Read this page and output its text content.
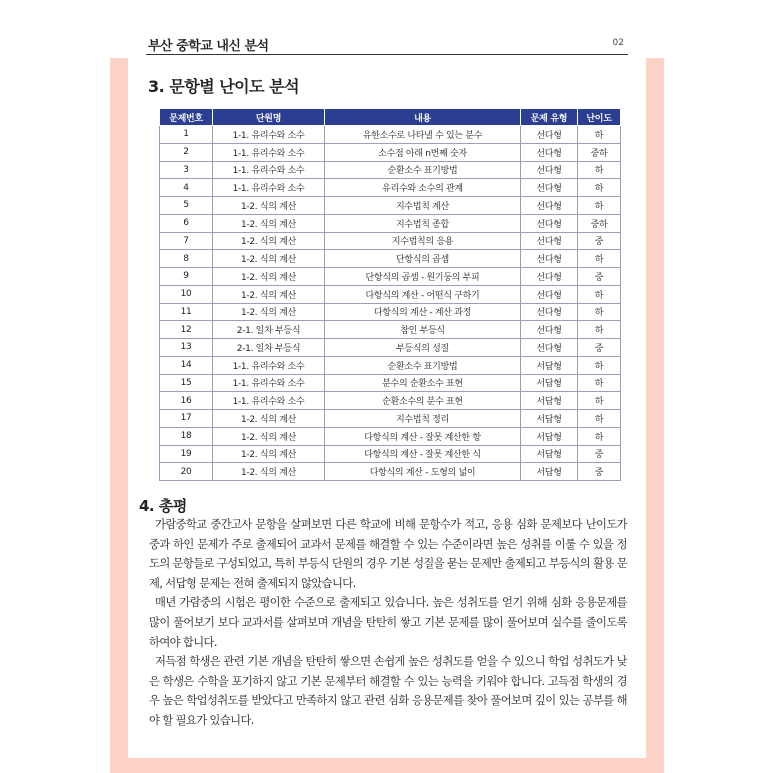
부산 중학교 내신 분석	02
3. 문항별 난이도 분석
문제번호	단원명	내용	문제 유형	난이도
1	1-1. 유리수와 소수	유한소수로 나타낼 수 있는 분수	선다형	하
2	1-1. 유리수와 소수	소수점 아래 n번째 숫자	선다형	중하
3	1-1. 유리수와 소수	순환소수 표기방법	선다형	하
4	1-1. 유리수와 소수	유리수와 소수의 관계	선다형	하
5	1-2. 식의 계산	지수법칙 계산	선다형	하
6	1-2. 식의 계산	지수법칙 종합	선다형	중하
7	1-2. 식의 계산	지수법칙의 응용	선다형	중
8	1-2. 식의 계산	단항식의 곱셈	선다형	하
9	1-2. 식의 계산	단항식의 곱셈 - 원기둥의 부피	선다형	중
10	1-2. 식의 계산	다항식의 계산 - 어떤식 구하기	선다형	하
11	1-2. 식의 계산	다항식의 계산 - 계산 과정	선다형	하
12	2-1. 일차 부등식	참인 부등식	선다형	하
13	2-1. 일차 부등식	부등식의 성질	선다형	중
14	1-1. 유리수와 소수	순환소수 표기방법	서답형	하
15	1-1. 유리수와 소수	분수의 순환소수 표현	서답형	하
16	1-1. 유리수와 소수	순환소수의 분수 표현	서답형	하
17	1-2. 식의 계산	지수법칙 정리	서답형	하
18	1-2. 식의 계산	다항식의 계산 - 잘못 계산한 항	서답형	하
19	1-2. 식의 계산	다항식의 계산 - 잘못 계산한 식	서답형	중
20	1-2. 식의 계산	다항식의 계산 - 도형의 넓이	서답형	중
4. 총평

가람중학교 중간고사 문항을 살펴보면 다른 학교에 비해 문항수가 적고, 응용 심화 문제보다 난이도가 중과 하인 문제가 주로 출제되어 교과서 문제를 해결할 수 있는 수준이라면 높은 성취를 이룰 수 있을 정도의 문항들로 구성되었고, 특히 부등식 단원의 경우 기본 성질을 묻는 문제만 출제되고 부등식의 활용 문제, 서답형 문제는 전혀 출제되지 않았습니다.

매년 가람중의 시험은 평이한 수준으로 출제되고 있습니다. 높은 성취도를 얻기 위해 심화 응용문제를 많이 풀어보기 보다 교과서를 살펴보며 개념을 탄탄히 쌓고 기본 문제를 많이 풀어보며 실수를 줄이도록 하여야 합니다.

저득점 학생은 관련 기본 개념을 탄탄히 쌓으면 손쉽게 높은 성취도를 얻을 수 있으니 학업 성취도가 낮은 학생은 수학을 포기하지 않고 기본 문제부터 해결할 수 있는 능력을 키워야 합니다. 고득점 학생의 경우 높은 학업성취도를 받았다고 만족하지 않고 관련 심화 응용문제를 찾아 풀어보며 깊이 있는 공부를 해야 할 필요가 있습니다.
